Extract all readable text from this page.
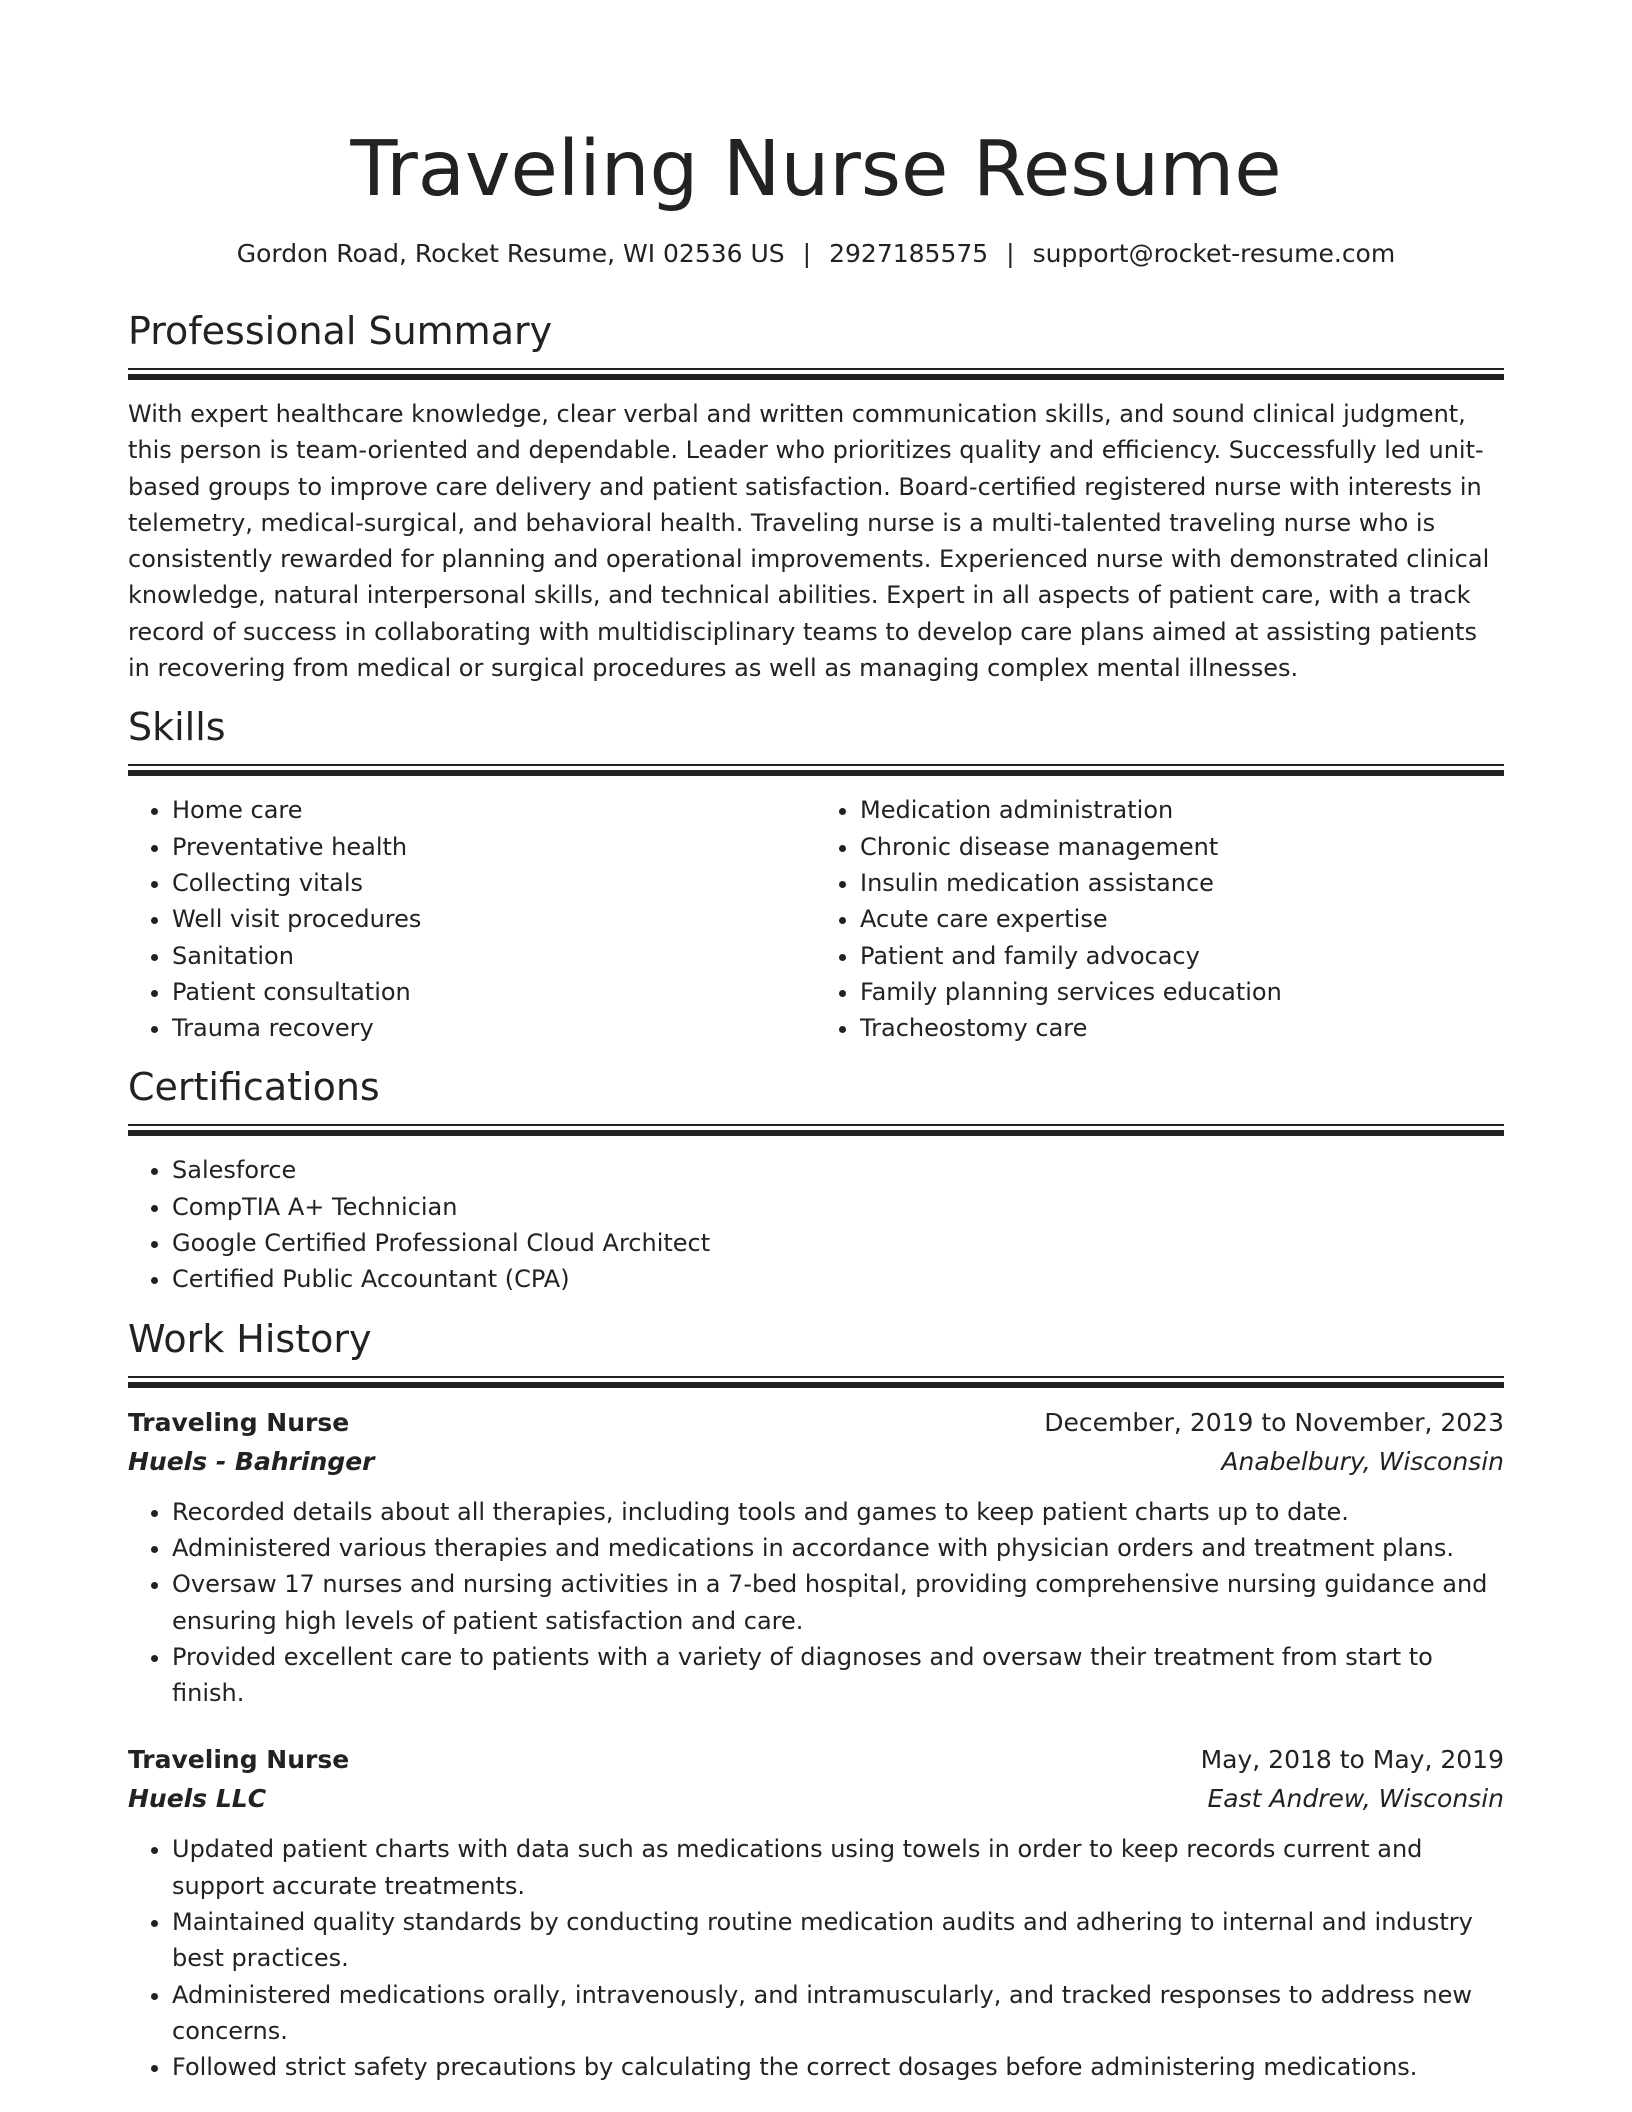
Traveling Nurse Resume
Gordon Road, Rocket Resume, WI 02536 US | 2927185575 | support@rocket-resume.com
Professional Summary

With expert healthcare knowledge, clear verbal and written communication skills, and sound clinical judgment, this person is team-oriented and dependable. Leader who prioritizes quality and efficiency. Successfully led unit-based groups to improve care delivery and patient satisfaction. Board-certified registered nurse with interests in telemetry, medical-surgical, and behavioral health. Traveling nurse is a multi-talented traveling nurse who is consistently rewarded for planning and operational improvements. Experienced nurse with demonstrated clinical knowledge, natural interpersonal skills, and technical abilities. Expert in all aspects of patient care, with a track record of success in collaborating with multidisciplinary teams to develop care plans aimed at assisting patients in recovering from medical or surgical procedures as well as managing complex mental illnesses.

Skills
• Home care
• Preventative health
• Collecting vitals
• Well visit procedures
• Sanitation
• Patient consultation
• Trauma recovery
• Medication administration
• Chronic disease management
• Insulin medication assistance
• Acute care expertise
• Patient and family advocacy
• Family planning services education
• Tracheostomy care
Certifications
• Salesforce
• CompTIA A+ Technician
• Google Certified Professional Cloud Architect
• Certified Public Accountant (CPA)
Work History
Traveling Nurse	December, 2019 to November, 2023
Huels - Bahringer	Anabelbury, Wisconsin
• Recorded details about all therapies, including tools and games to keep patient charts up to date.
• Administered various therapies and medications in accordance with physician orders and treatment plans.
• Oversaw 17 nurses and nursing activities in a 7-bed hospital, providing comprehensive nursing guidance and ensuring high levels of patient satisfaction and care.
• Provided excellent care to patients with a variety of diagnoses and oversaw their treatment from start to finish.
Traveling Nurse	May, 2018 to May, 2019
Huels LLC	East Andrew, Wisconsin
• Updated patient charts with data such as medications using towels in order to keep records current and support accurate treatments.
• Maintained quality standards by conducting routine medication audits and adhering to internal and industry best practices.
• Administered medications orally, intravenously, and intramuscularly, and tracked responses to address new concerns.
• Followed strict safety precautions by calculating the correct dosages before administering medications.
